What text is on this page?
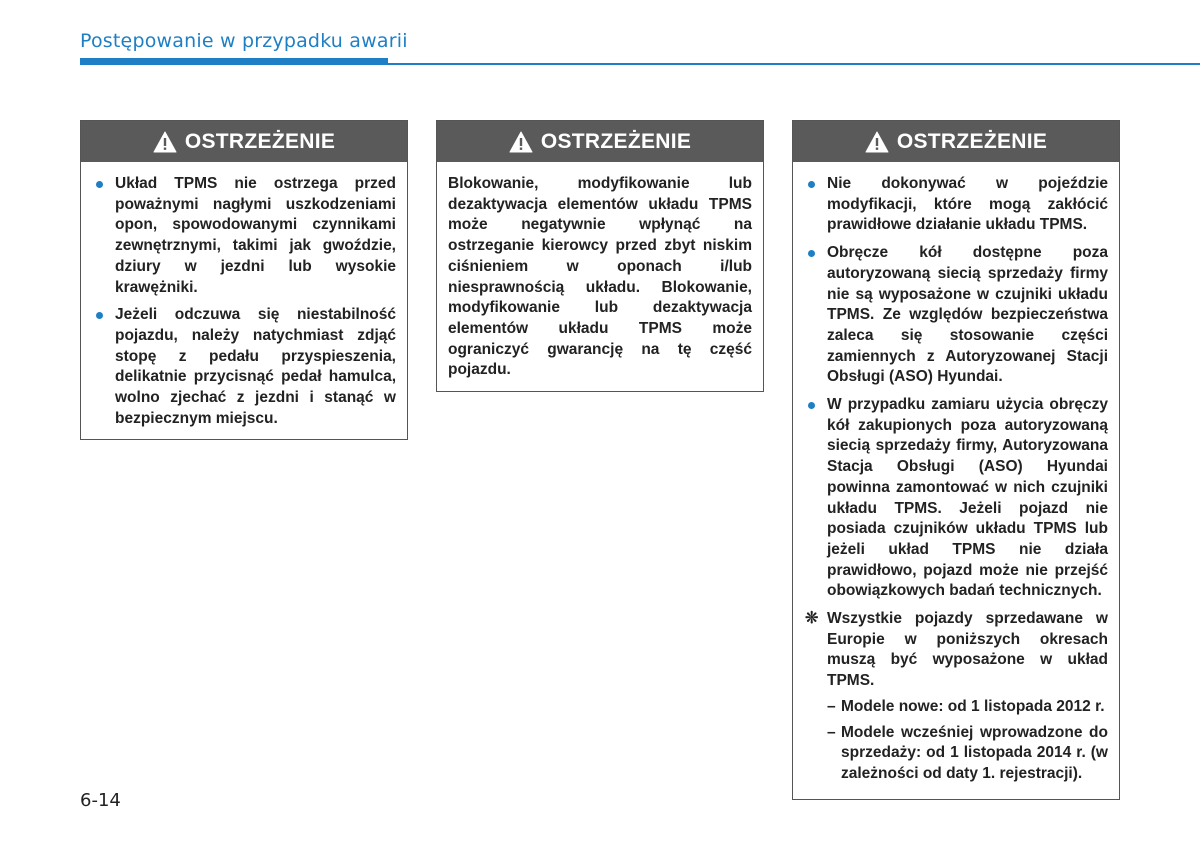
Postępowanie w przypadku awarii
OSTRZEŻENIE
Układ TPMS nie ostrzega przed poważnymi nagłymi uszkodzeniami opon, spowodowanymi czynnikami zewnętrznymi, takimi jak gwoździe, dziury w jezdni lub wysokie krawężniki.
Jeżeli odczuwa się niestabilność pojazdu, należy natychmiast zdjąć stopę z pedału przyspieszenia, delikatnie przycisnąć pedał hamulca, wolno zjechać z jezdni i stanąć w bezpiecznym miejscu.
OSTRZEŻENIE
Blokowanie, modyfikowanie lub dezaktywacja elementów układu TPMS może negatywnie wpłynąć na ostrzeganie kierowcy przed zbyt niskim ciśnieniem w oponach i/lub niesprawnością układu. Blokowanie, modyfikowanie lub dezaktywacja elementów układu TPMS może ograniczyć gwarancję na tę część pojazdu.
OSTRZEŻENIE
Nie dokonywać w pojeździe modyfikacji, które mogą zakłócić prawidłowe działanie układu TPMS.
Obręcze kół dostępne poza autoryzowaną siecią sprzedaży firmy nie są wyposażone w czujniki układu TPMS. Ze względów bezpieczeństwa zaleca się stosowanie części zamiennych z Autoryzowanej Stacji Obsługi (ASO) Hyundai.
W przypadku zamiaru użycia obręczy kół zakupionych poza autoryzowaną siecią sprzedaży firmy, Autoryzowana Stacja Obsługi (ASO) Hyundai powinna zamontować w nich czujniki układu TPMS. Jeżeli pojazd nie posiada czujników układu TPMS lub jeżeli układ TPMS nie działa prawidłowo, pojazd może nie przejść obowiązkowych badań technicznych.
❊ Wszystkie pojazdy sprzedawane w Europie w poniższych okresach muszą być wyposażone w układ TPMS.
– Modele nowe: od 1 listopada 2012 r.
– Modele wcześniej wprowadzone do sprzedaży: od 1 listopada 2014 r. (w zależności od daty 1. rejestracji).
6-14
